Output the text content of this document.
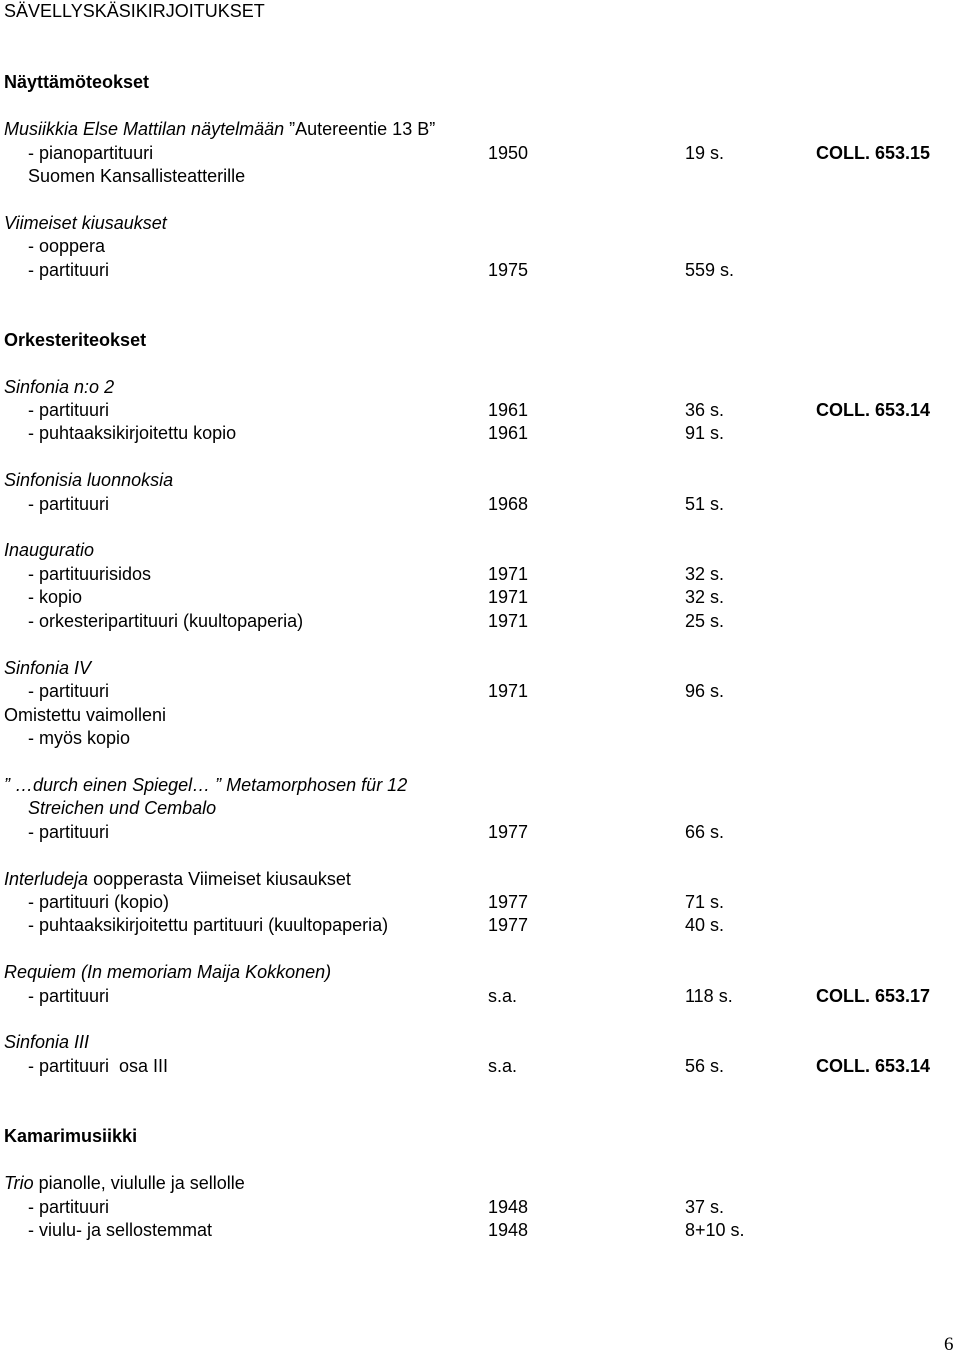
SÄVELLYSKÄSIKIRJOITUKSET
Näyttämöteokset
Musiikkia Else Mattilan näytelmään ”Autereentie 13 B”
- pianopartituuri	1950	19 s.	COLL. 653.15
Suomen Kansallisteatterille
Viimeiset kiusaukset
- ooppera
- partituuri	1975	559 s.
Orkesteriteokset
Sinfonia n:o 2
- partituuri	1961	36 s.	COLL. 653.14
- puhtaaksikirjoitettu kopio	1961	91 s.
Sinfonisia luonnoksia
- partituuri	1968	51 s.
Inauguratio
- partituurisidos	1971	32 s.
- kopio	1971	32 s.
- orkesteripartituuri (kuultopaperia)	1971	25 s.
Sinfonia IV
- partituuri	1971	96 s.
Omistettu vaimolleni
- myös kopio
” …durch einen Spiegel… ” Metamorphosen für 12
Streichen und Cembalo
- partituuri	1977	66 s.
Interludeja oopperasta Viimeiset kiusaukset
- partituuri (kopio)	1977	71 s.
- puhtaaksikirjoitettu partituuri (kuultopaperia)	1977	40 s.
Requiem (In memoriam Maija Kokkonen)
- partituuri	s.a.	118 s.	COLL. 653.17
Sinfonia III
- partituuri  osa III	s.a.	56 s.	COLL. 653.14
Kamarimusiikki
Trio pianolle, viululle ja sellolle
- partituuri	1948	37 s.
- viulu- ja sellostemmat	1948	8+10 s.
6
